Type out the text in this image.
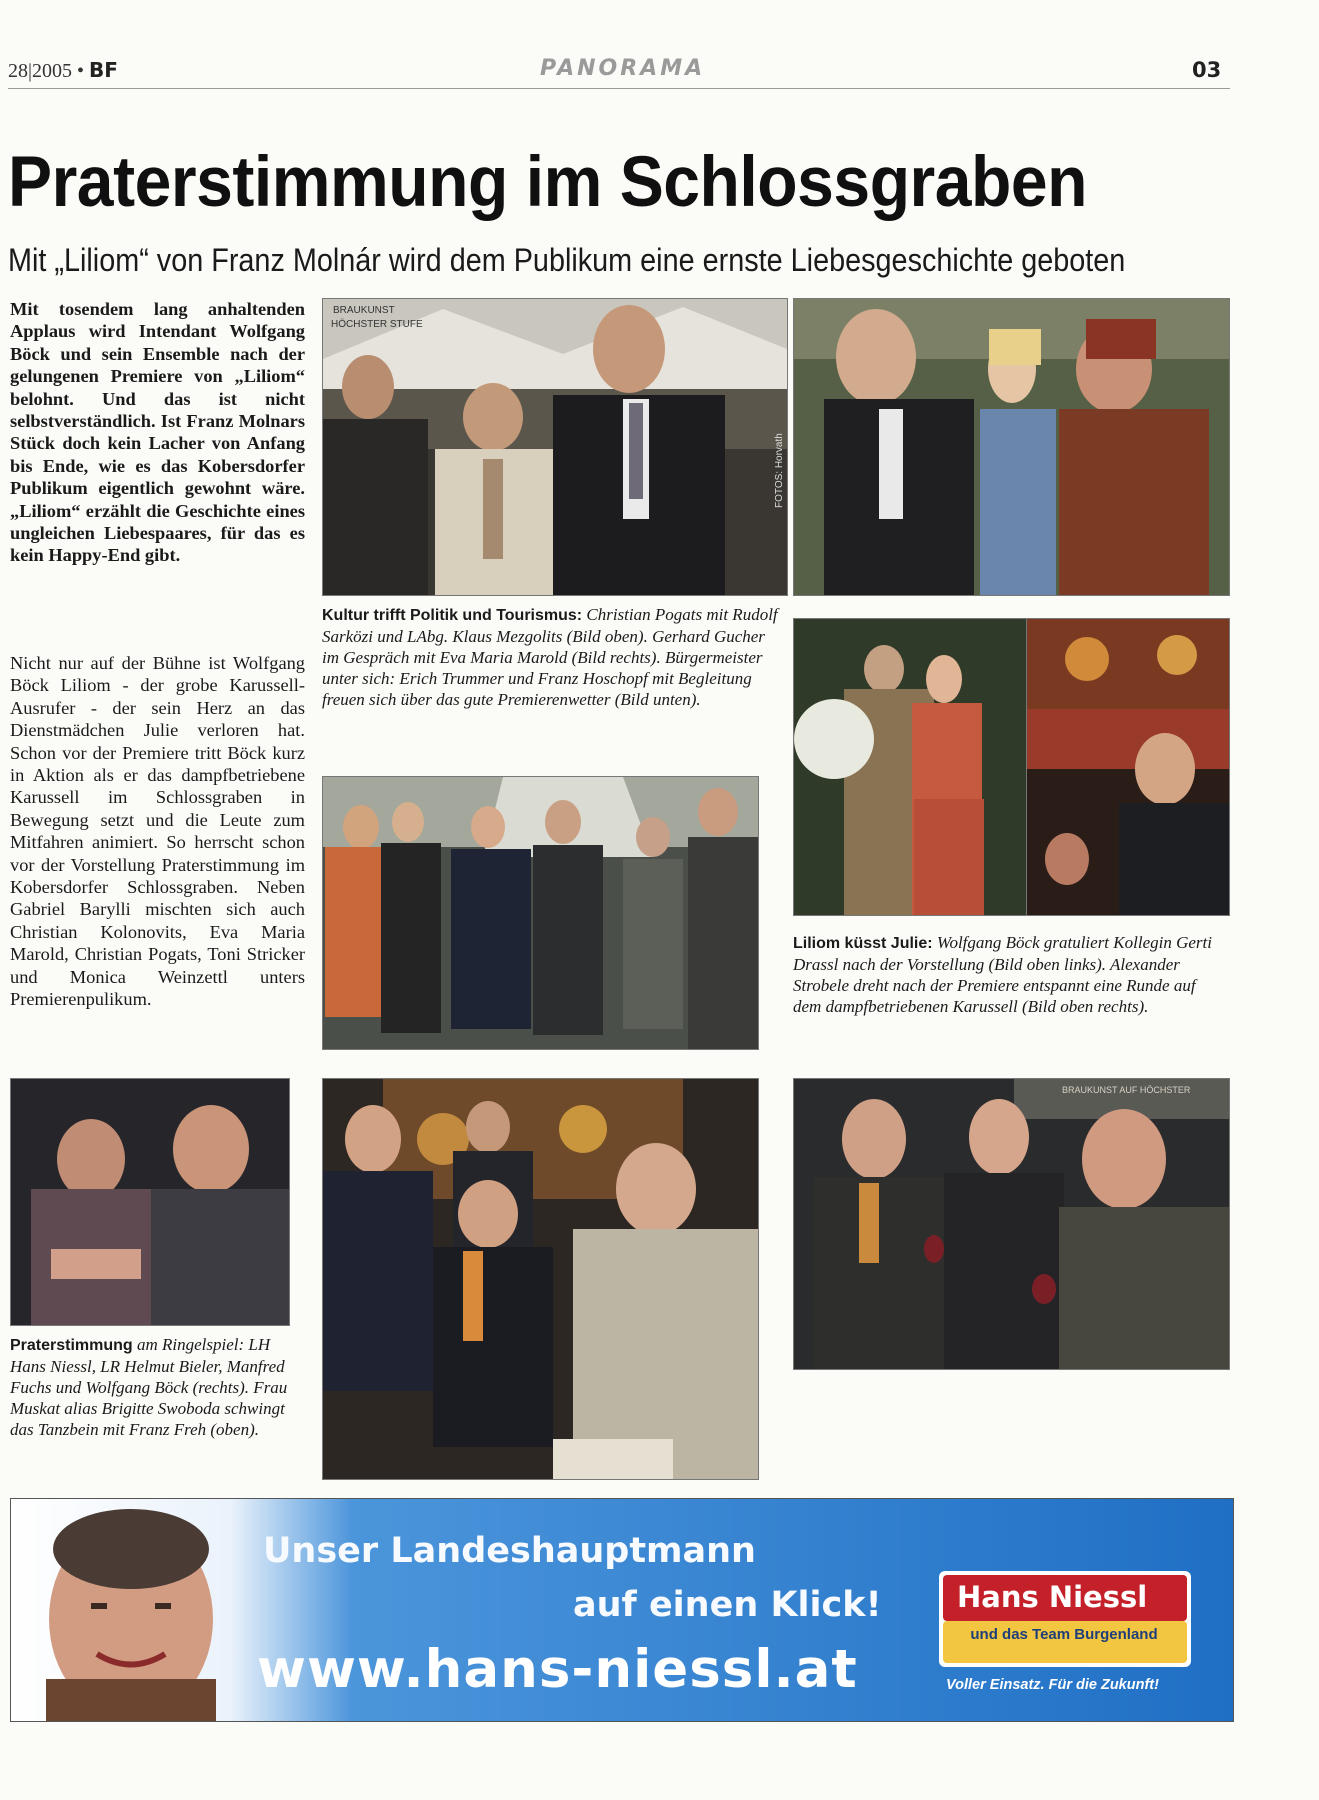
28|2005 • BF	PANORAMA	03
Praterstimmung im Schlossgraben
Mit „Liliom“ von Franz Molnár wird dem Publikum eine ernste Liebesgeschichte geboten
Mit tosendem lang anhaltenden Applaus wird Intendant Wolfgang Böck und sein Ensemble nach der gelungenen Premiere von „Liliom“ belohnt. Und das ist nicht selbstverständlich. Ist Franz Molnars Stück doch kein Lacher von Anfang bis Ende, wie es das Kobersdorfer Publikum eigentlich gewohnt wäre. „Liliom“ erzählt die Geschichte eines ungleichen Liebespaares, für das es kein Happy-End gibt.
Nicht nur auf der Bühne ist Wolfgang Böck Liliom - der grobe Karussell-Ausrufer - der sein Herz an das Dienstmädchen Julie verloren hat. Schon vor der Premiere tritt Böck kurz in Aktion als er das dampfbetriebene Karussell im Schlossgraben in Bewegung setzt und die Leute zum Mitfahren animiert. So herrscht schon vor der Vorstellung Praterstimmung im Kobersdorfer Schlossgraben. Neben Gabriel Barylli mischten sich auch Christian Kolonovits, Eva Maria Marold, Christian Pogats, Toni Stricker und Monica Weinzettl unters Premierenpulikum.
BRAUKUNST
HÖCHSTER STUFE
FOTOS: Horvath
Kultur trifft Politik und Tourismus: Christian Pogats mit Rudolf Sarközi und LAbg. Klaus Mezgolits (Bild oben). Gerhard Gucher im Gespräch mit Eva Maria Marold (Bild rechts). Bürgermeister unter sich: Erich Trummer und Franz Hoschopf mit Begleitung freuen sich über das gute Premierenwetter (Bild unten).
Liliom küsst Julie: Wolfgang Böck gratuliert Kollegin Gerti Drassl nach der Vorstellung (Bild oben links). Alexander Strobele dreht nach der Premiere entspannt eine Runde auf dem dampfbetriebenen Karussell (Bild oben rechts).
Praterstimmung am Ringelspiel: LH Hans Niessl, LR Helmut Bieler, Manfred Fuchs und Wolfgang Böck (rechts). Frau Muskat alias Brigitte Swoboda schwingt das Tanzbein mit Franz Freh (oben).
BRAUKUNST AUF HÖCHSTER
Unser Landeshauptmann
auf einen Klick!
www.hans-niessl.at
Hans Niessl
und das Team Burgenland
Voller Einsatz. Für die Zukunft!
